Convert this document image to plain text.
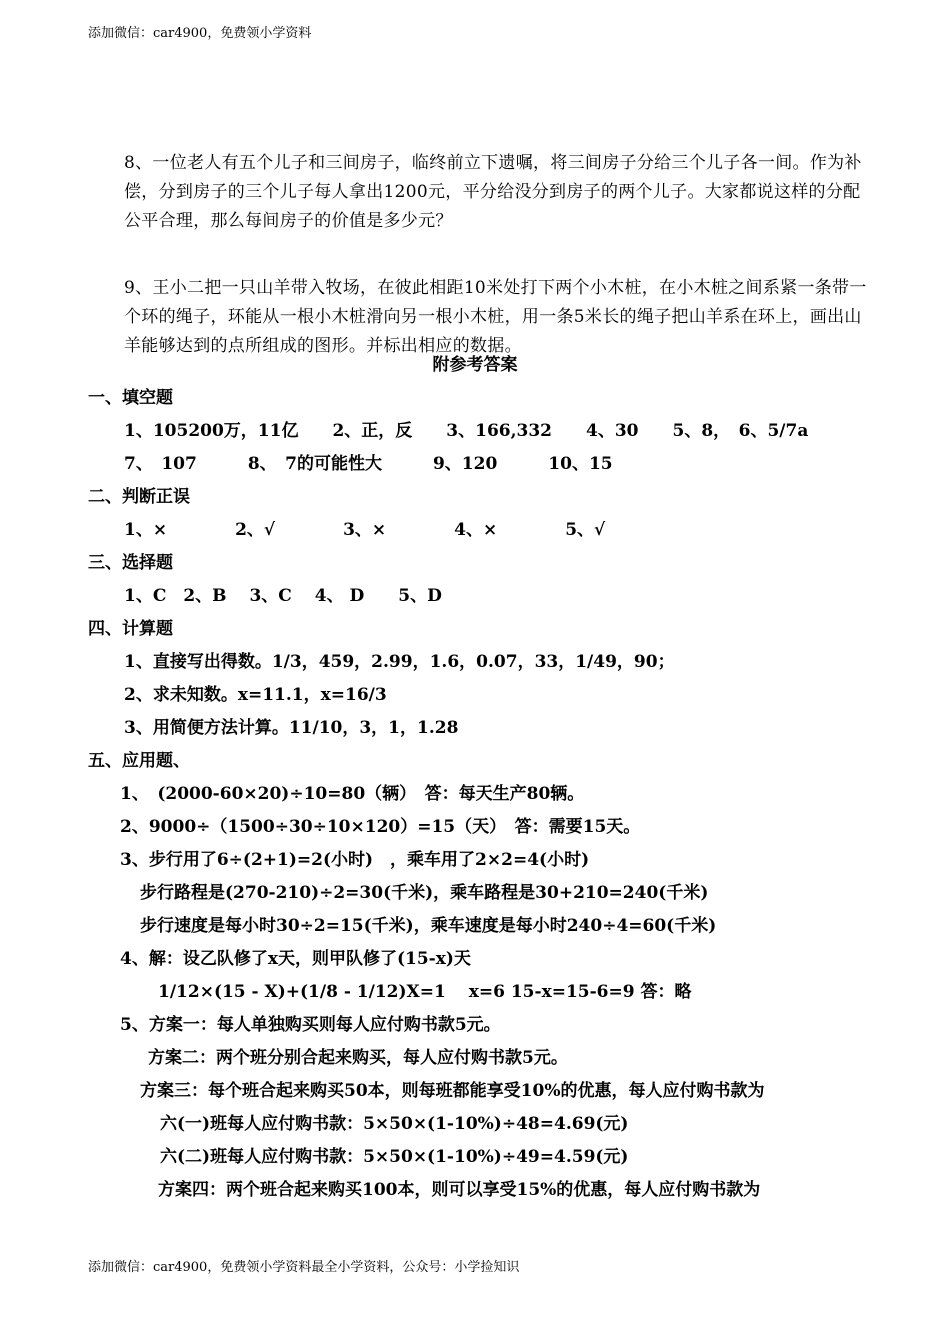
添加微信：car4900，免费领小学资料
8、一位老人有五个儿子和三间房子，临终前立下遗嘱，将三间房子分给三个儿子各一间。作为补偿，分到房子的三个儿子每人拿出1200元，平分给没分到房子的两个儿子。大家都说这样的分配公平合理，那么每间房子的价值是多少元？
9、王小二把一只山羊带入牧场，在彼此相距10米处打下两个小木桩，在小木桩之间系紧一条带一个环的绳子，环能从一根小木桩滑向另一根小木桩，用一条5米长的绳子把山羊系在环上，画出山羊能够达到的点所组成的图形。并标出相应的数据。
附参考答案
一、填空题
1、105200万，11亿　　2、正，反　　3、166,332　　4、30　　5、8，　6、5/7a
7、　107　　　8、　7的可能性大　　　9、120　　　10、15
二、判断正误
1、×　　　　2、√　　　　3、×　　　　4、×　　　　5、√
三、选择题
1、C　2、B　 3、C　 4、 D　　5、D
四、计算题
1、直接写出得数。1/3，459，2.99，1.6，0.07，33，1/49，90；
2、求未知数。x=11.1，x=16/3
3、用简便方法计算。11/10，3，1，1.28
五、应用题、
1、　(2000-60×20)÷10=80（辆）　答：每天生产80辆。
2、9000÷（1500÷30÷10×120）=15（天）　答：需要15天。
3、步行用了6÷(2+1)=2(小时)　，乘车用了2×2=4(小时)
步行路程是(270-210)÷2=30(千米)，乘车路程是30+210=240(千米)
步行速度是每小时30÷2=15(千米)，乘车速度是每小时240÷4=60(千米)
4、解：设乙队修了x天，则甲队修了(15-x)天
1/12×(15 - X)+(1/8 - 1/12)X=1　 x=6 15-x=15-6=9 答：略
5、方案一：每人单独购买则每人应付购书款5元。
方案二：两个班分别合起来购买，每人应付购书款5元。
方案三：每个班合起来购买50本，则每班都能享受10%的优惠，每人应付购书款为
六(一)班每人应付购书款：5×50×(1-10%)÷48=4.69(元)
六(二)班每人应付购书款：5×50×(1-10%)÷49=4.59(元)
方案四：两个班合起来购买100本，则可以享受15%的优惠，每人应付购书款为
添加微信：car4900，免费领小学资料最全小学资料，公众号：小学捡知识
